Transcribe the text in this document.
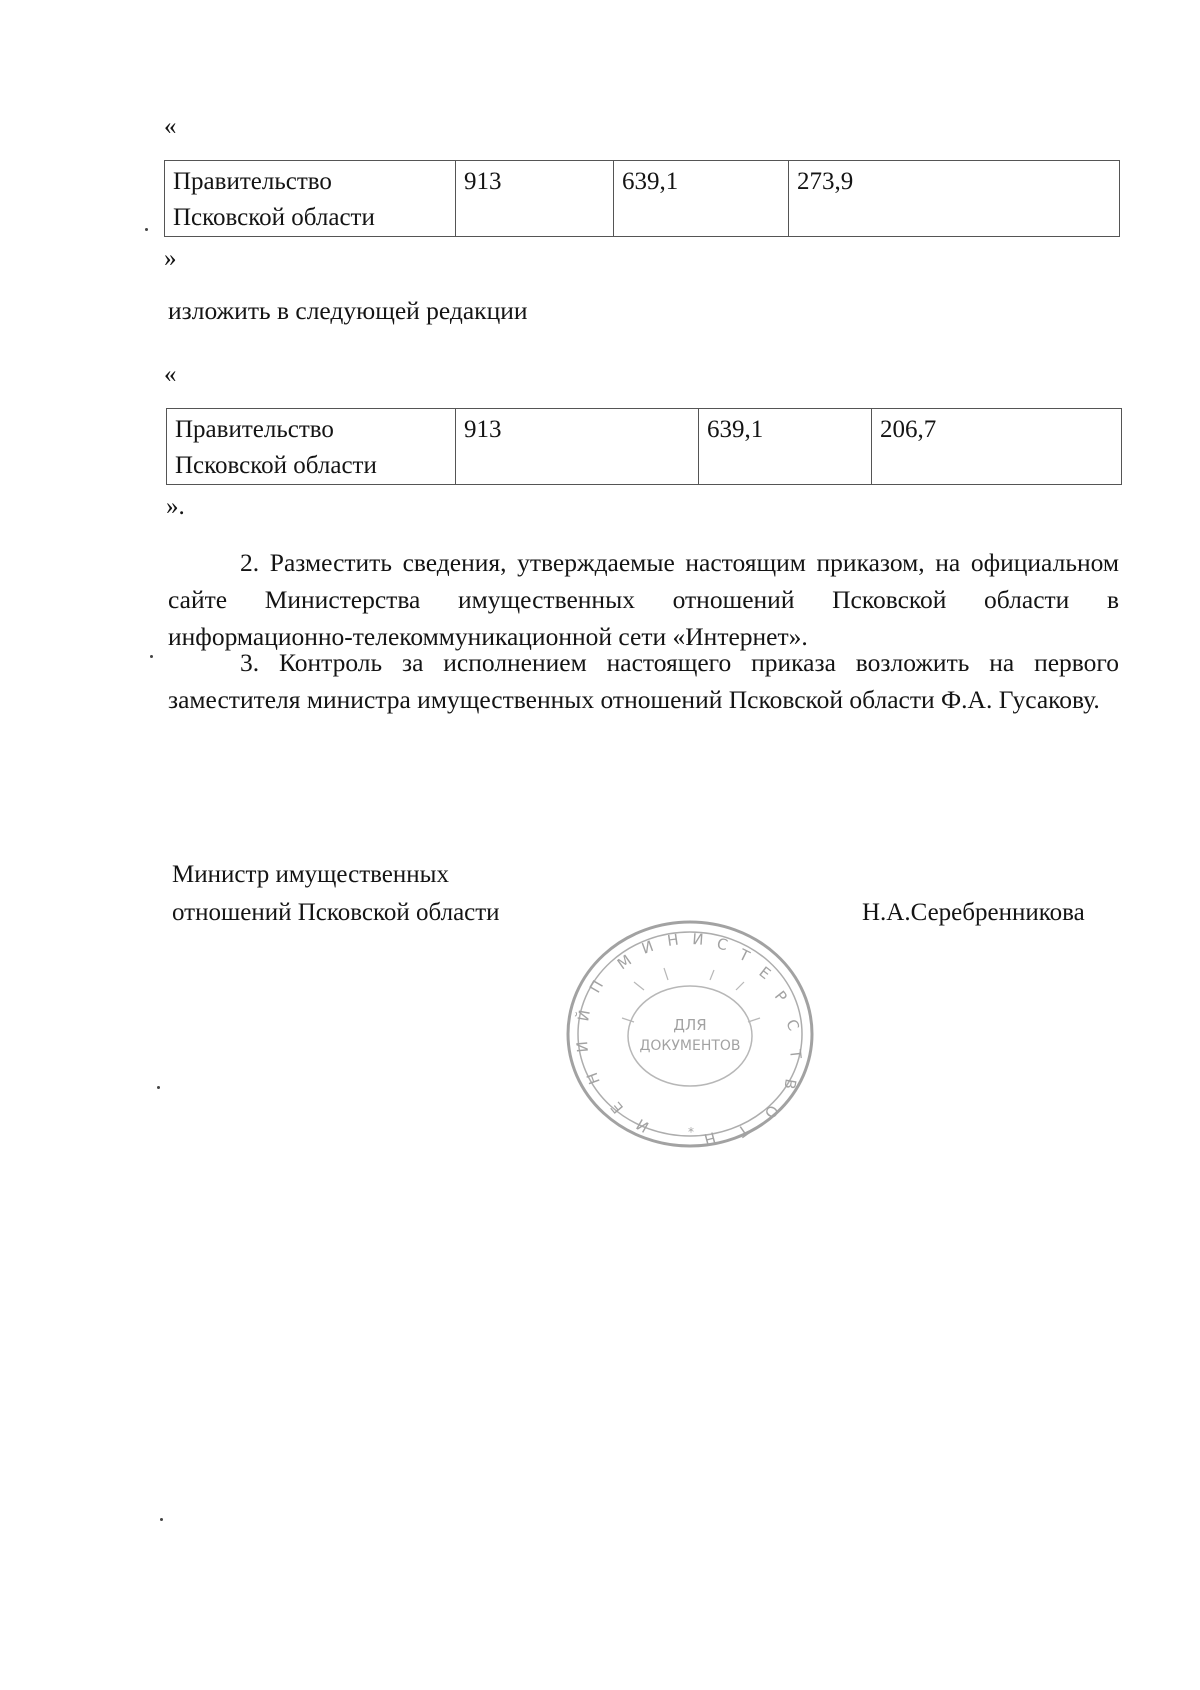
«
Правительство
Псковской области
	913	639,1	273,9
»
изложить в следующей редакции
«
Правительство
Псковской области
	913	639,1	206,7
».
2. Разместить сведения, утверждаемые настоящим приказом, на официальном сайте Министерства имущественных отношений Псковской области в информационно-телекоммуникационной сети «Интернет».
3. Контроль за исполнением настоящего приказа возложить на первого заместителя министра имущественных отношений Псковской области Ф.А. Гусакову.
Министр имущественных
отношений Псковской области	Н.А.Серебренникова
М
И Н И С
Т
Е
Р
С
Т
В
О
Т
Н
*
И
Е
Н
И
Й
П
ДЛЯ
ДОКУМЕНТОВ
